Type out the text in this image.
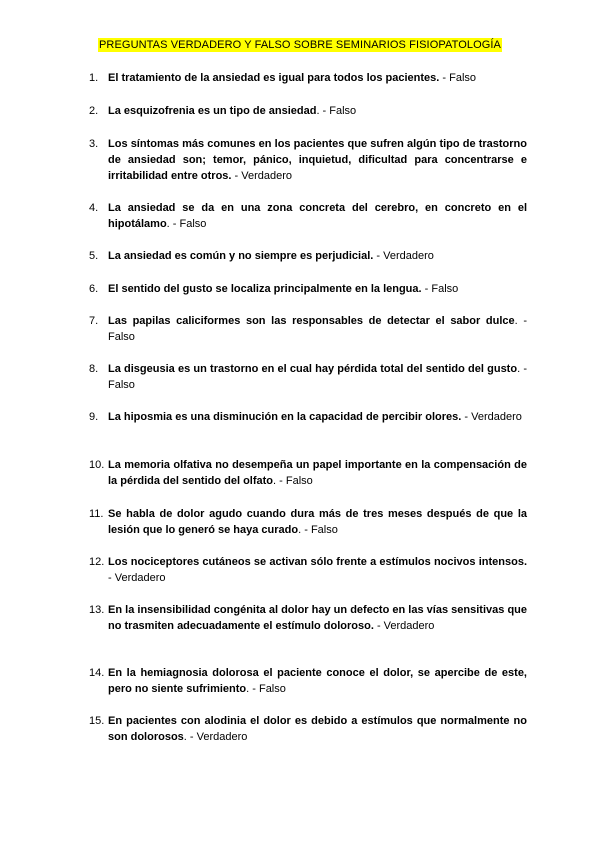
PREGUNTAS VERDADERO Y FALSO SOBRE SEMINARIOS FISIOPATOLOGÍA
1. El tratamiento de la ansiedad es igual para todos los pacientes. - Falso
2. La esquizofrenia es un tipo de ansiedad. - Falso
3. Los síntomas más comunes en los pacientes que sufren algún tipo de trastorno de ansiedad son; temor, pánico, inquietud, dificultad para concentrarse e irritabilidad entre otros. - Verdadero
4. La ansiedad se da en una zona concreta del cerebro, en concreto en el hipotálamo. - Falso
5. La ansiedad es común y no siempre es perjudicial. - Verdadero
6. El sentido del gusto se localiza principalmente en la lengua. - Falso
7. Las papilas caliciformes son las responsables de detectar el sabor dulce. - Falso
8. La disgeusia es un trastorno en el cual hay pérdida total del sentido del gusto. - Falso
9. La hiposmia es una disminución en la capacidad de percibir olores. - Verdadero
10. La memoria olfativa no desempeña un papel importante en la compensación de la pérdida del sentido del olfato. - Falso
11. Se habla de dolor agudo cuando dura más de tres meses después de que la lesión que lo generó se haya curado. - Falso
12. Los nociceptores cutáneos se activan sólo frente a estímulos nocivos intensos. - Verdadero
13. En la insensibilidad congénita al dolor hay un defecto en las vías sensitivas que no trasmiten adecuadamente el estímulo doloroso. - Verdadero
14. En la hemiagnosia dolorosa el paciente conoce el dolor, se apercibe de este, pero no siente sufrimiento. - Falso
15. En pacientes con alodinia el dolor es debido a estímulos que normalmente no son dolorosos. - Verdadero
